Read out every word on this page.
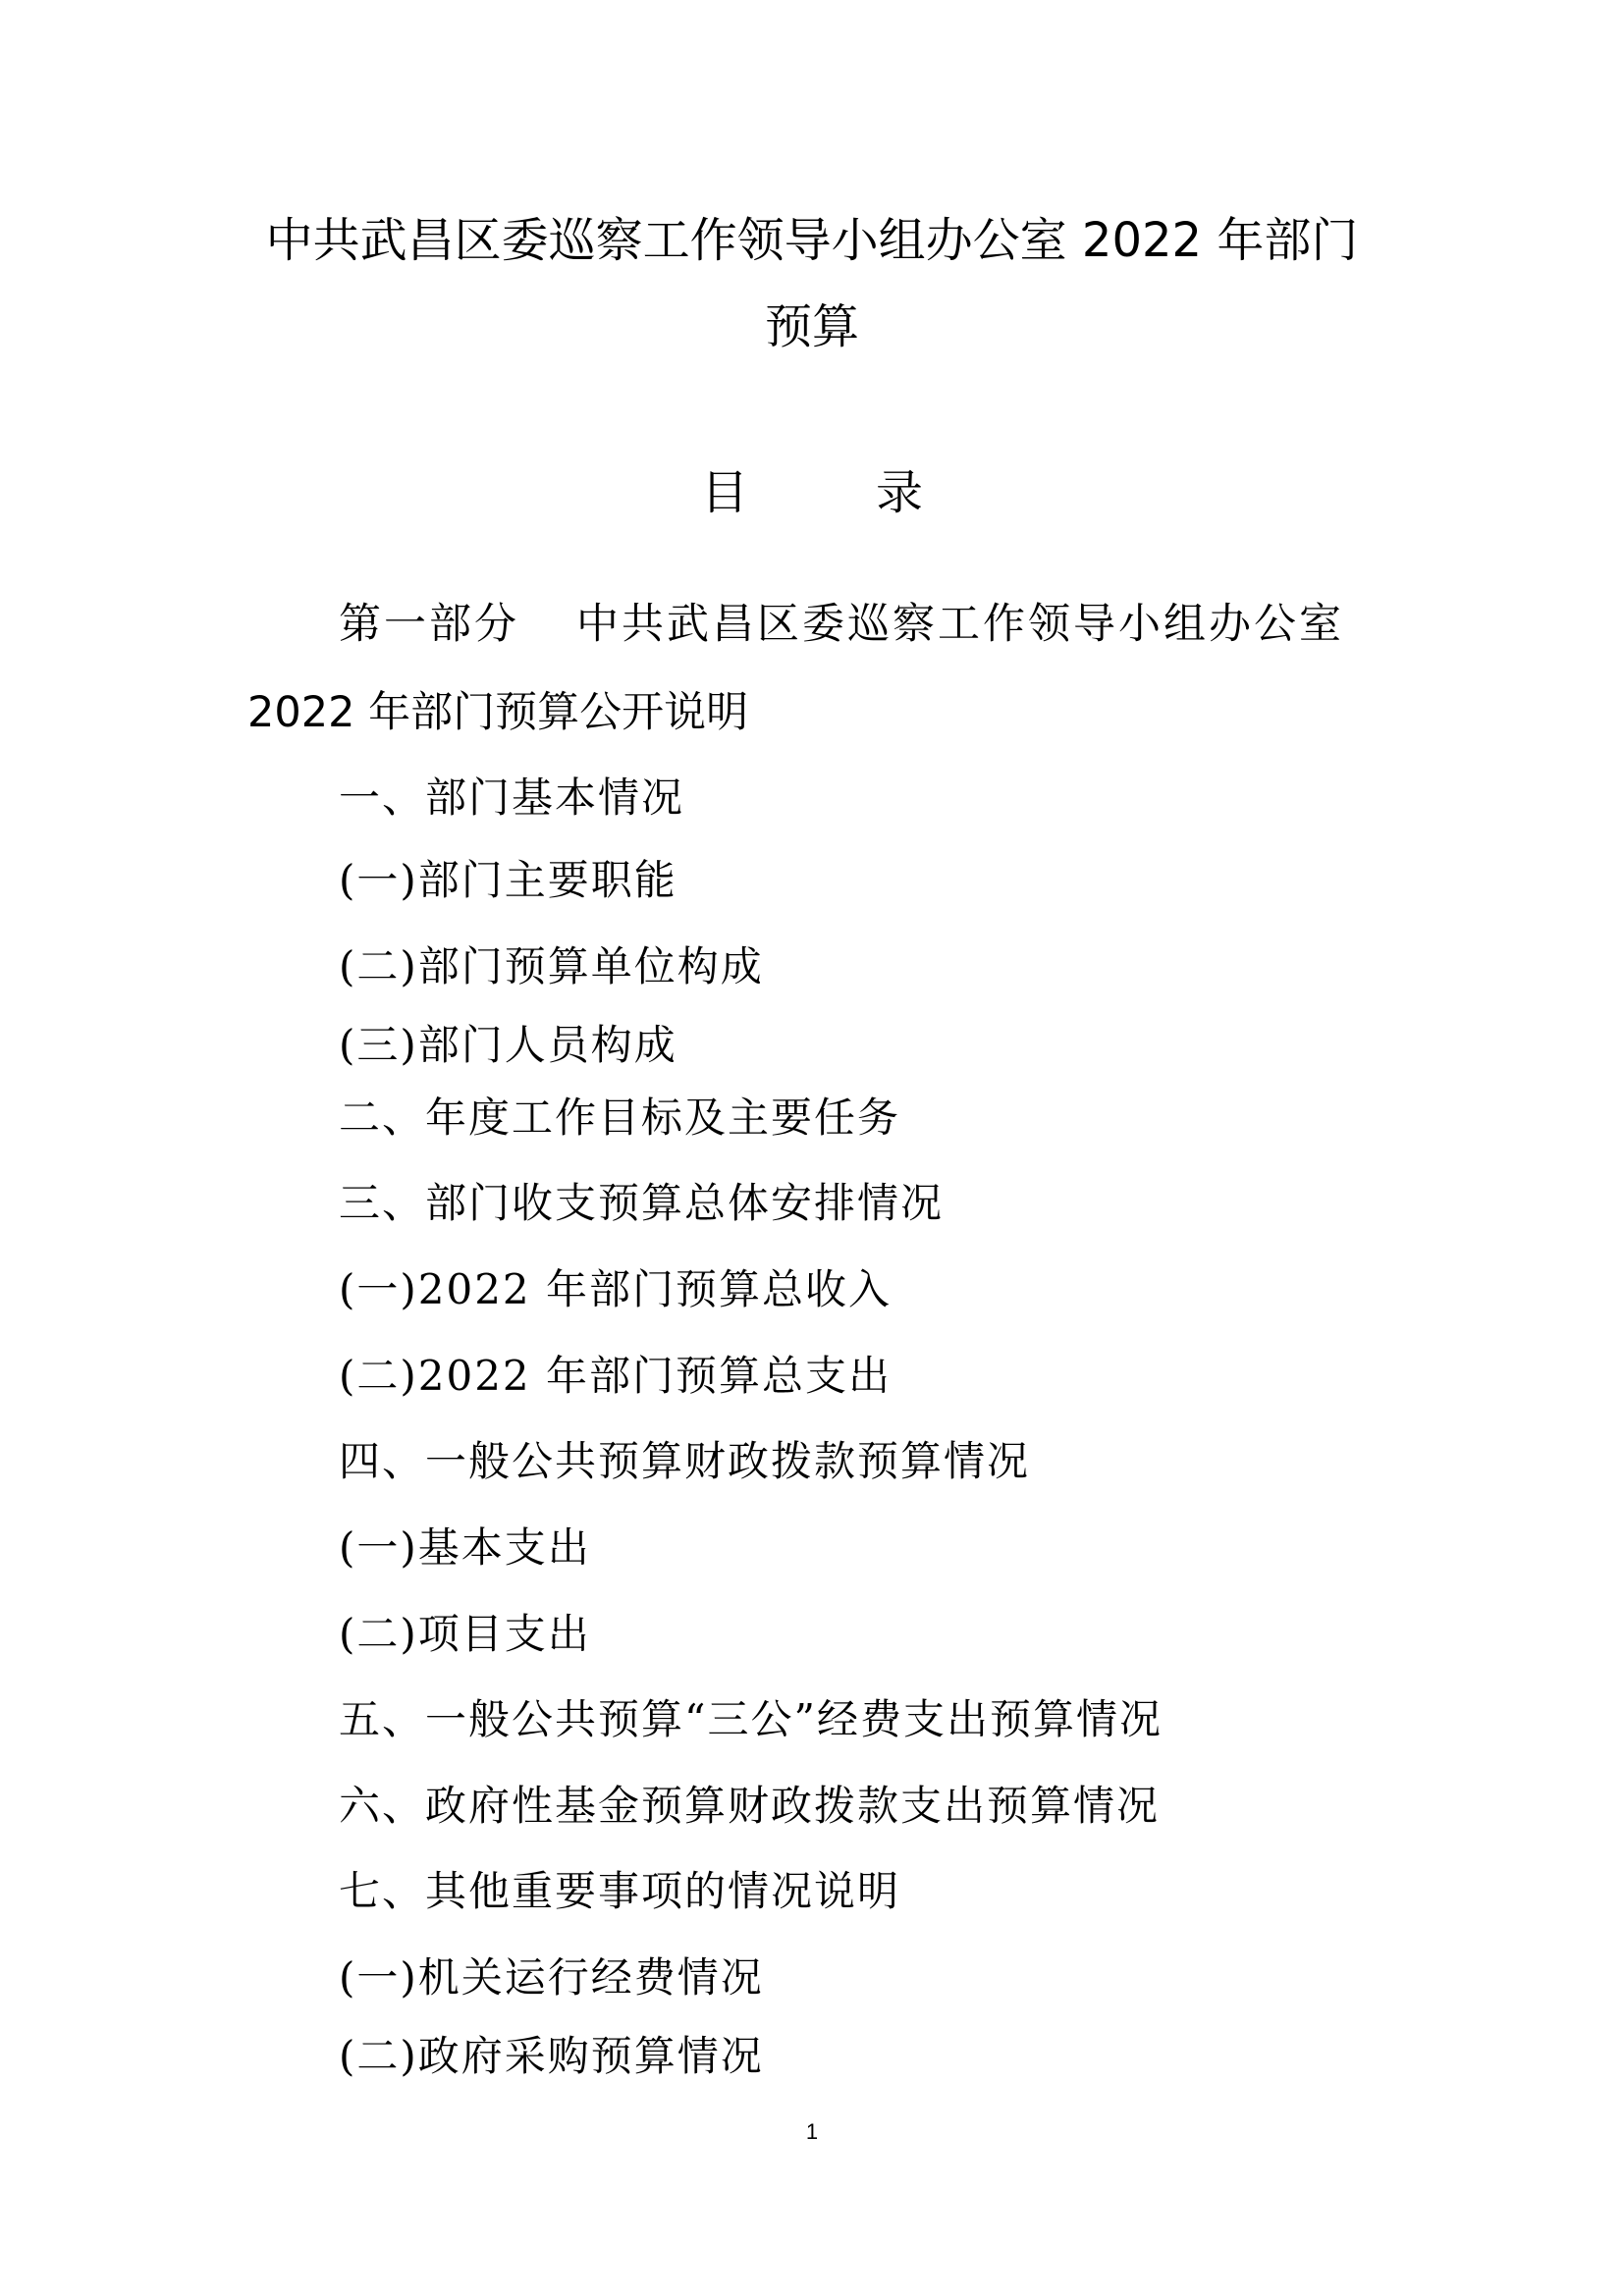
中共武昌区委巡察工作领导小组办公室 2022 年部门
预算
目录
第一部分 中共武昌区委巡察工作领导小组办公室
2022 年部门预算公开说明
一、部门基本情况
(一)部门主要职能
(二)部门预算单位构成
(三)部门人员构成
二、年度工作目标及主要任务
三、部门收支预算总体安排情况
(一)2022 年部门预算总收入
(二)2022 年部门预算总支出
四、一般公共预算财政拨款预算情况
(一)基本支出
(二)项目支出
五、一般公共预算“三公”经费支出预算情况
六、政府性基金预算财政拨款支出预算情况
七、其他重要事项的情况说明
(一)机关运行经费情况
(二)政府采购预算情况
1
